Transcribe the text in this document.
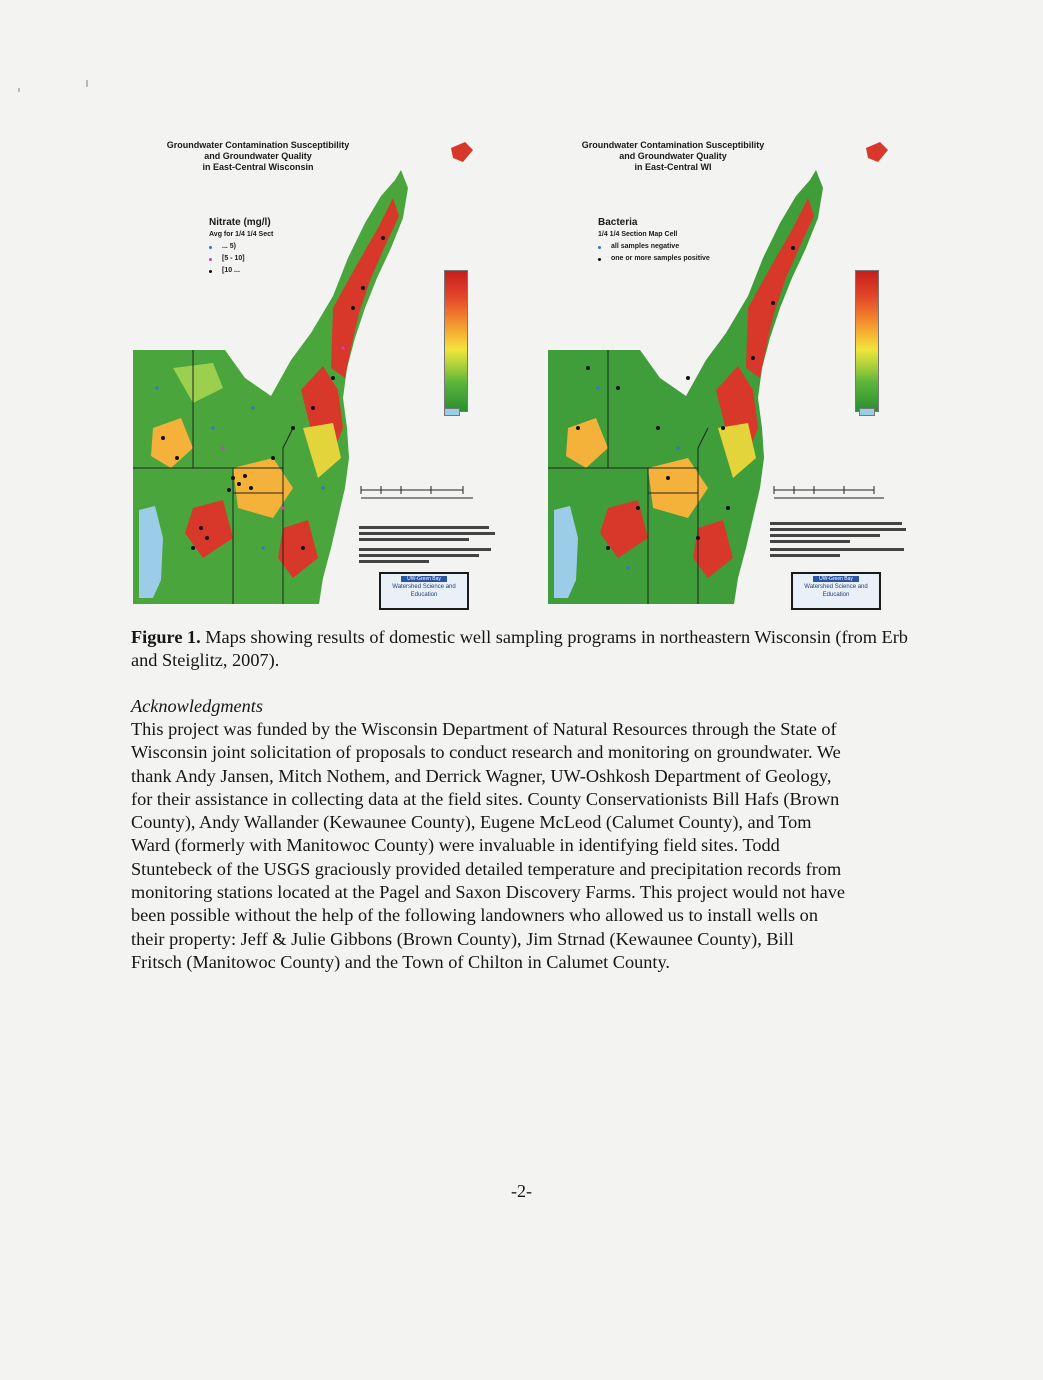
Groundwater Contamination Susceptibility
and Groundwater Quality
in East-Central Wisconsin
Nitrate (mg/l)
Avg for 1/4 1/4 Sect
... 5)
[5 - 10]
[10 ...
UW-Green Bay
Watershed Science and Education
Groundwater Contamination Susceptibility
and Groundwater Quality
in East-Central WI
Bacteria
1/4 1/4 Section Map Cell
all samples negative
one or more samples positive
UW-Green Bay
Watershed Science and Education
Figure 1. Maps showing results of domestic well sampling programs in northeastern Wisconsin (from Erb and Steiglitz, 2007).
Acknowledgments
This project was funded by the Wisconsin Department of Natural Resources through the State of
Wisconsin joint solicitation of proposals to conduct research and monitoring on groundwater. We
thank Andy Jansen, Mitch Nothem, and Derrick Wagner, UW-Oshkosh Department of Geology,
for their assistance in collecting data at the field sites. County Conservationists Bill Hafs (Brown
County), Andy Wallander (Kewaunee County), Eugene McLeod (Calumet County), and Tom
Ward (formerly with Manitowoc County) were invaluable in identifying field sites. Todd
Stuntebeck of the USGS graciously provided detailed temperature and precipitation records from
monitoring stations located at the Pagel and Saxon Discovery Farms. This project would not have
been possible without the help of the following landowners who allowed us to install wells on
their property: Jeff & Julie Gibbons (Brown County), Jim Strnad (Kewaunee County), Bill
Fritsch (Manitowoc County) and the Town of Chilton in Calumet County.
-2-
